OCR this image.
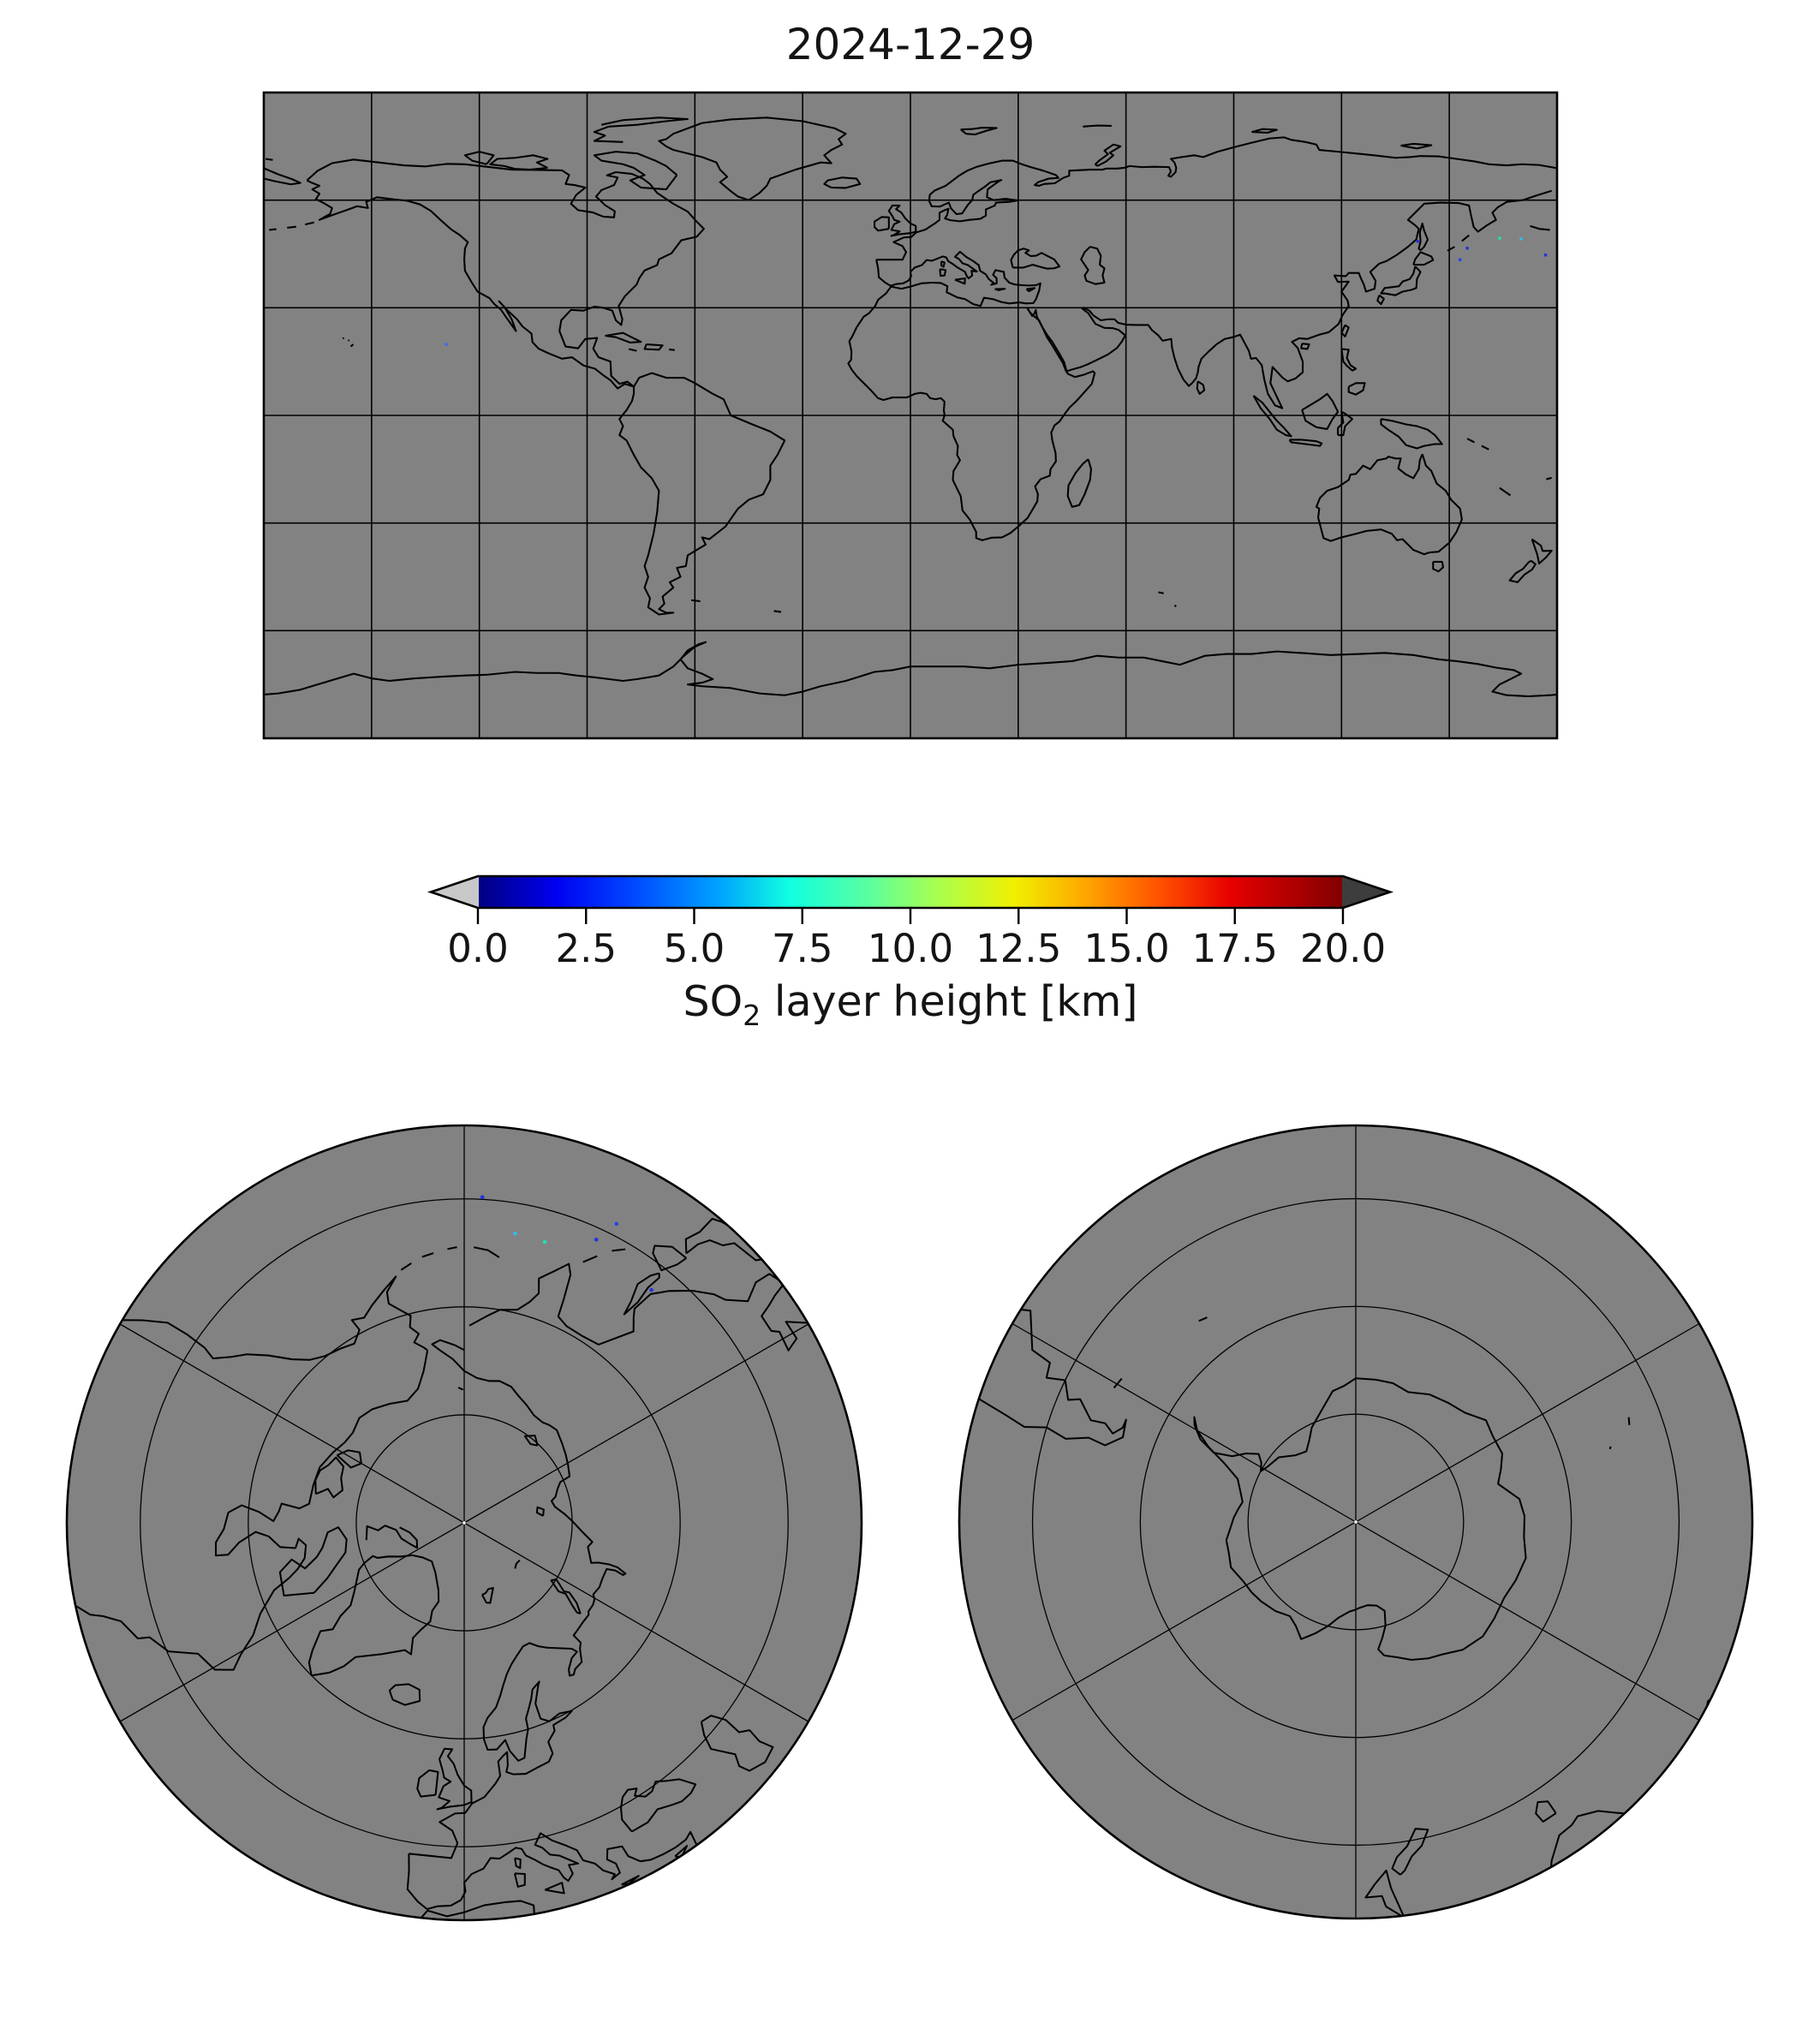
2024-12-29
0.0	2.5	5.0	7.5 10.0 12.5 15.0 17.5 20.0
$SO_2$ layer height [km]
